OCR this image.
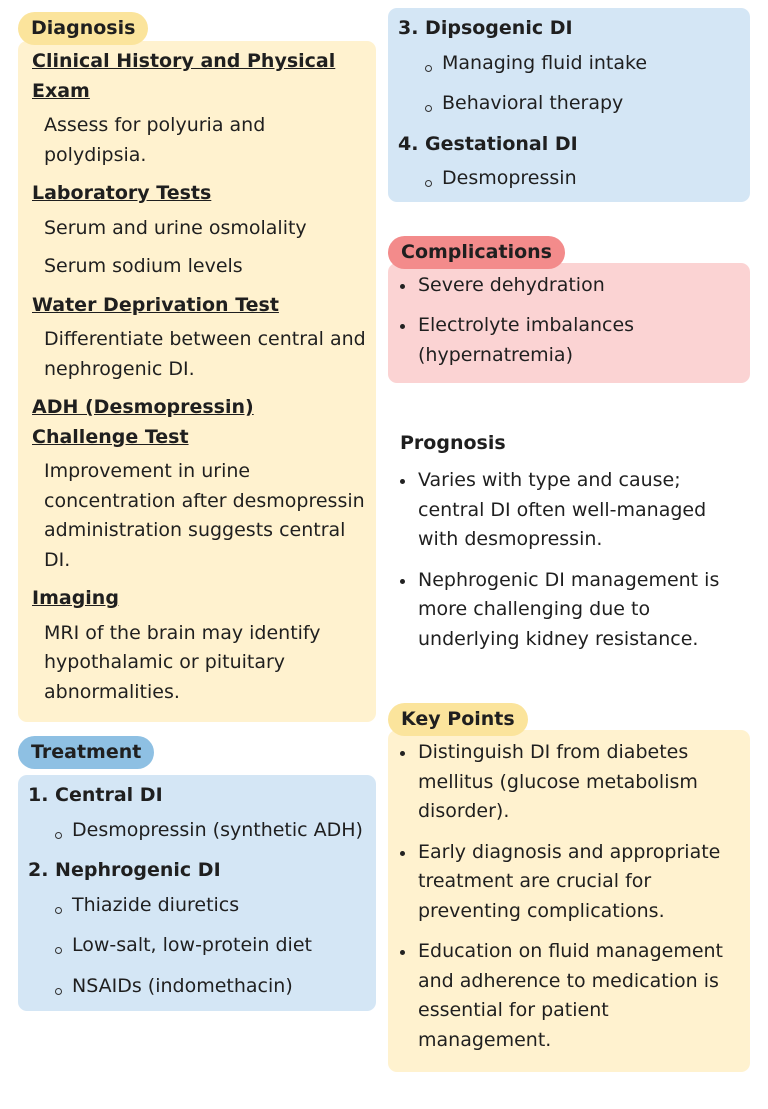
Diagnosis
Clinical History and Physical Exam
Assess for polyuria and polydipsia.
Laboratory Tests
Serum and urine osmolality
Serum sodium levels
Water Deprivation Test
Differentiate between central and nephrogenic DI.
ADH (Desmopressin) Challenge Test
Improvement in urine concentration after desmopressin administration suggests central DI.
Imaging
MRI of the brain may identify hypothalamic or pituitary abnormalities.
Treatment
1. Central DI
Desmopressin (synthetic ADH)
2. Nephrogenic DI
Thiazide diuretics
Low-salt, low-protein diet
NSAIDs (indomethacin)
3. Dipsogenic DI
Managing fluid intake
Behavioral therapy
4. Gestational DI
Desmopressin
Complications
Severe dehydration
Electrolyte imbalances (hypernatremia)
Prognosis
Varies with type and cause; central DI often well-managed with desmopressin.
Nephrogenic DI management is more challenging due to underlying kidney resistance.
Key Points
Distinguish DI from diabetes mellitus (glucose metabolism disorder).
Early diagnosis and appropriate treatment are crucial for preventing complications.
Education on fluid management and adherence to medication is essential for patient management.
